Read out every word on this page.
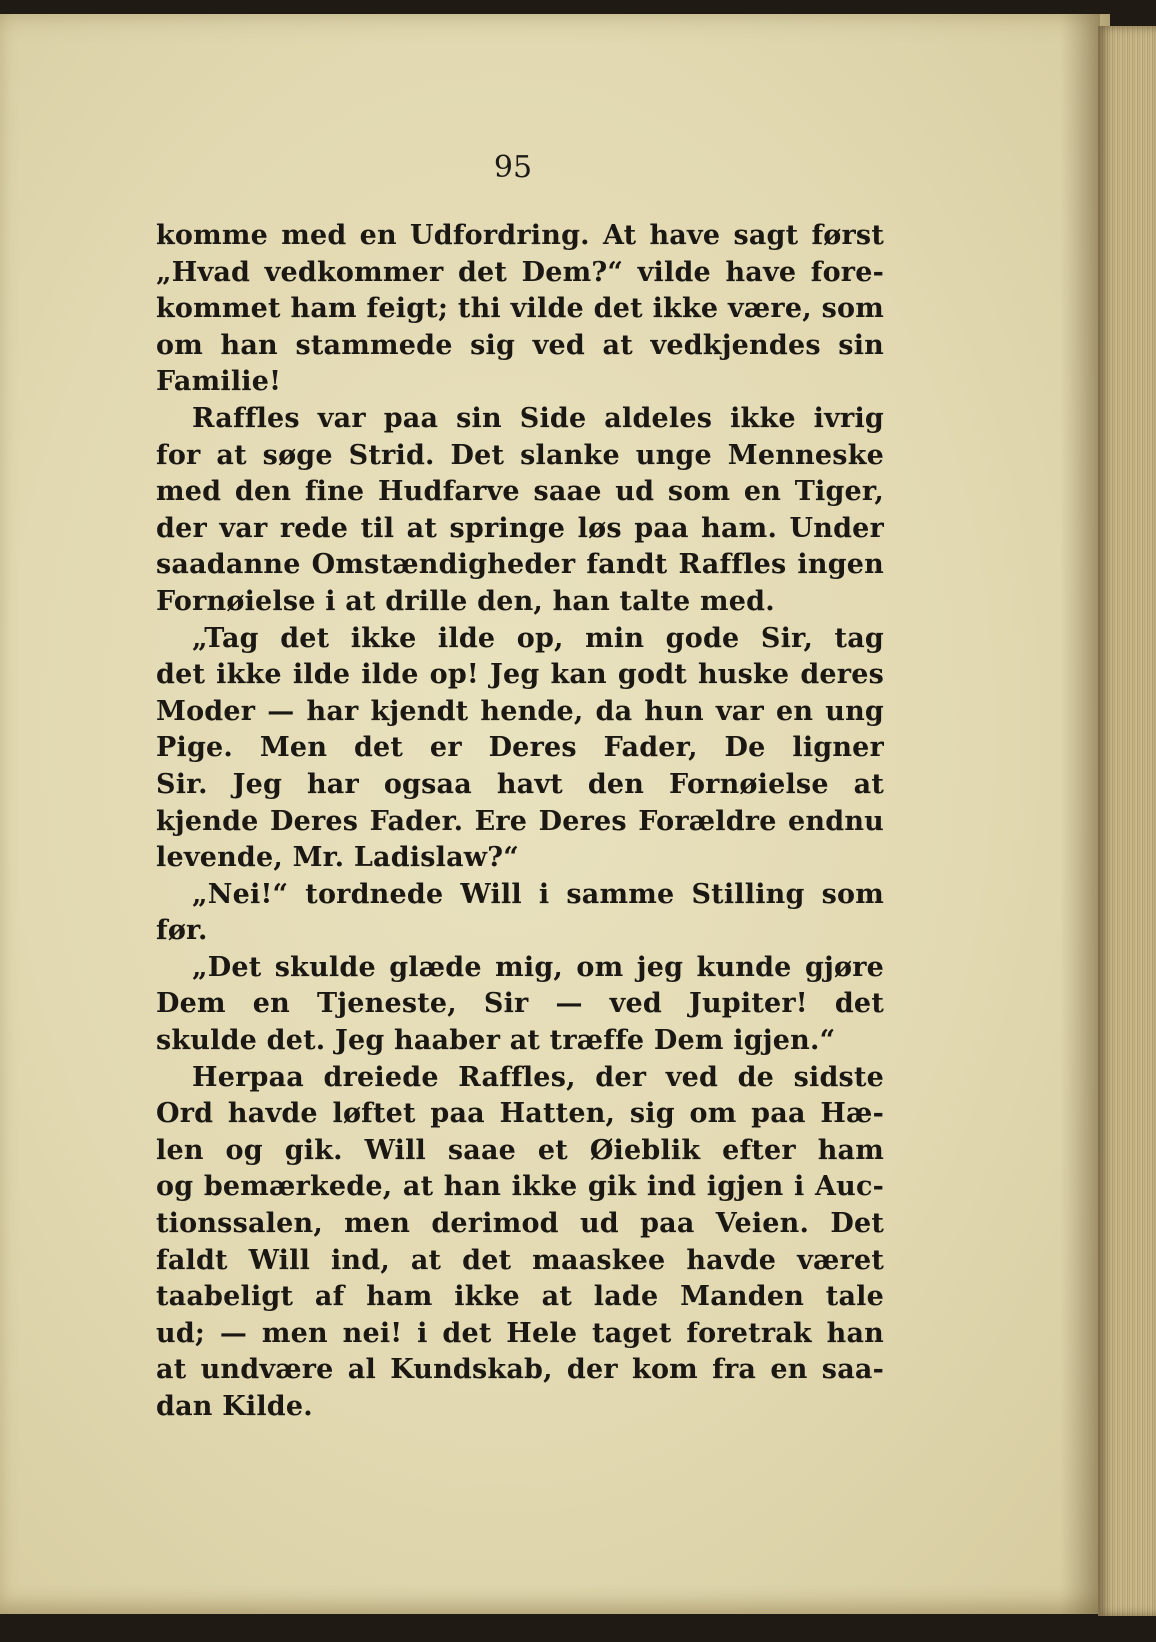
95
komme med en Udfordring. At have sagt først
„Hvad vedkommer det Dem?“ vilde have fore-
kommet ham feigt; thi vilde det ikke være, som
om han stammede sig ved at vedkjendes sin
Familie!
Raffles var paa sin Side aldeles ikke ivrig
for at søge Strid. Det slanke unge Menneske
med den fine Hudfarve saae ud som en Tiger,
der var rede til at springe løs paa ham. Under
saadanne Omstændigheder fandt Raffles ingen
Fornøielse i at drille den, han talte med.
„Tag det ikke ilde op, min gode Sir, tag
det ikke ilde ilde op! Jeg kan godt huske deres
Moder — har kjendt hende, da hun var en ung
Pige. Men det er Deres Fader, De ligner
Sir. Jeg har ogsaa havt den Fornøielse at
kjende Deres Fader. Ere Deres Forældre endnu
levende, Mr. Ladislaw?“
„Nei!“ tordnede Will i samme Stilling som
før.
„Det skulde glæde mig, om jeg kunde gjøre
Dem en Tjeneste, Sir — ved Jupiter! det
skulde det. Jeg haaber at træffe Dem igjen.“
Herpaa dreiede Raffles, der ved de sidste
Ord havde løftet paa Hatten, sig om paa Hæ-
len og gik. Will saae et Øieblik efter ham
og bemærkede, at han ikke gik ind igjen i Auc-
tionssalen, men derimod ud paa Veien. Det
faldt Will ind, at det maaskee havde været
taabeligt af ham ikke at lade Manden tale
ud; — men nei! i det Hele taget foretrak han
at undvære al Kundskab, der kom fra en saa-
dan Kilde.
